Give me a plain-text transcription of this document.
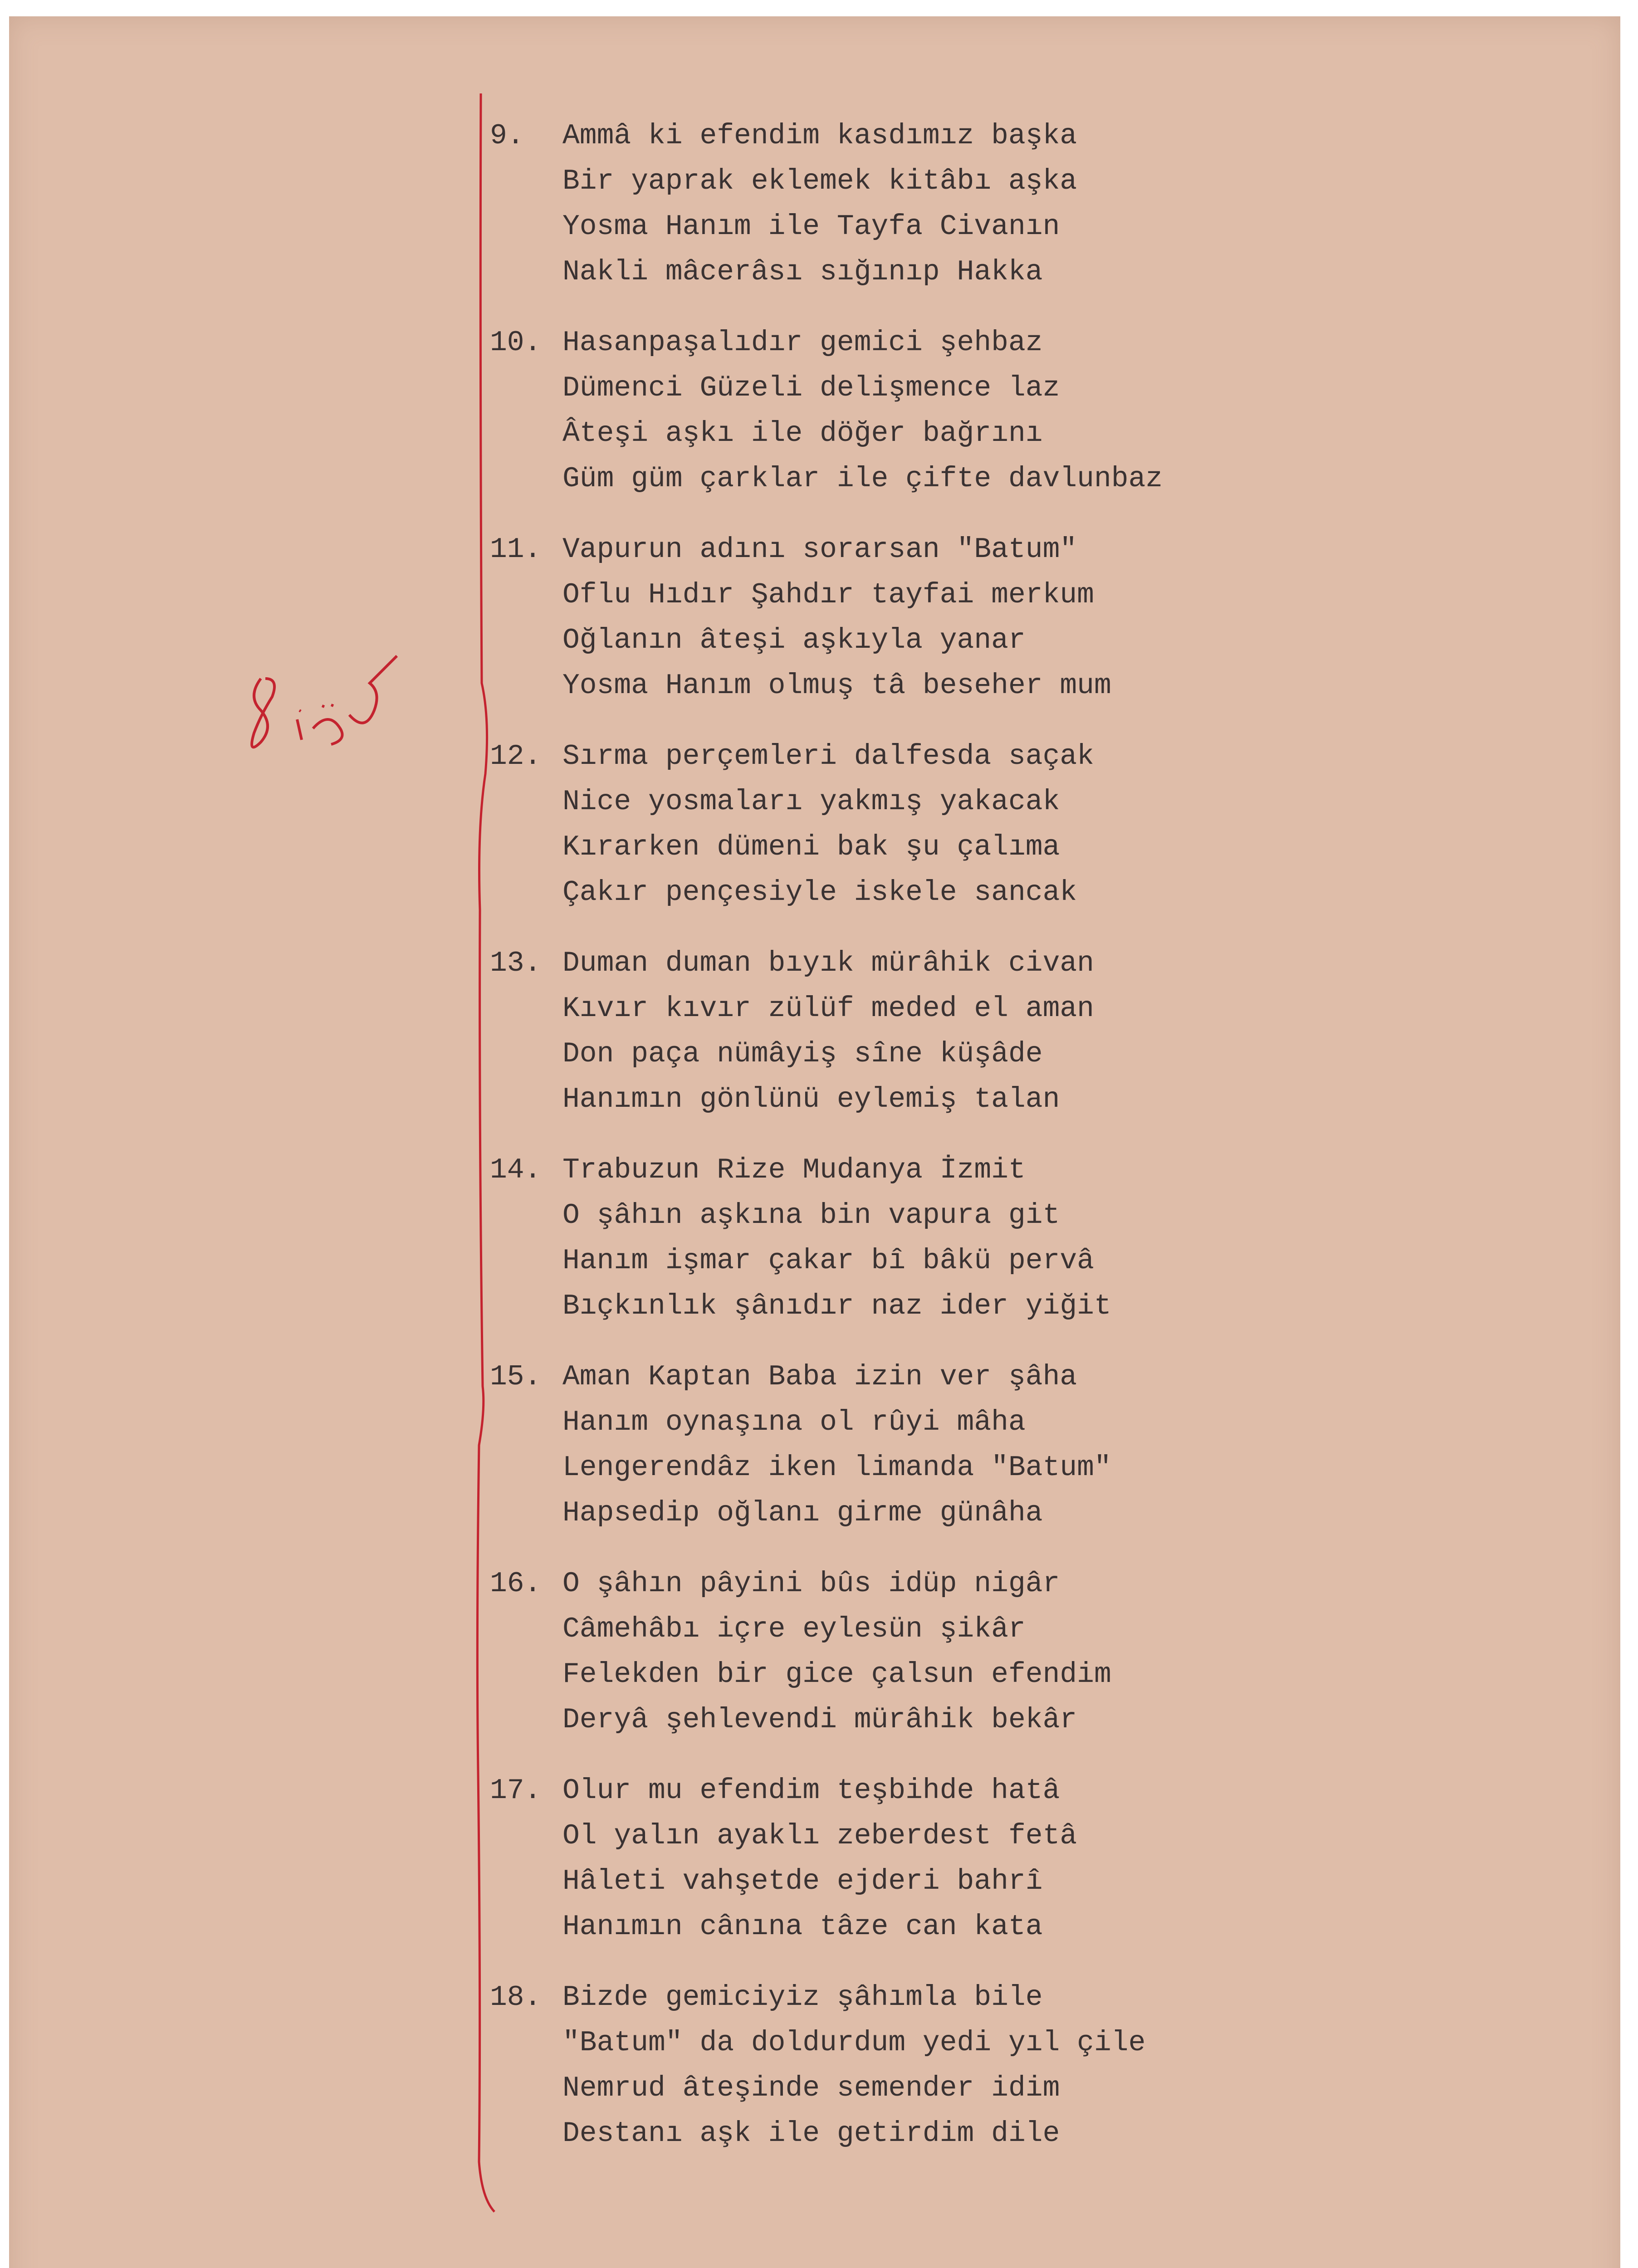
9. Ammâ ki efendim kasdımız başka
Bir yaprak eklemek kitâbı aşka
Yosma Hanım ile Tayfa Civanın
Nakli mâcerâsı sığınıp Hakka
10. Hasanpaşalıdır gemici şehbaz
Dümenci Güzeli delişmence laz
Âteşi aşkı ile döğer bağrını
Güm güm çarklar ile çifte davlunbaz
11. Vapurun adını sorarsan "Batum"
Oflu Hıdır Şahdır tayfai merkum
Oğlanın âteşi aşkıyla yanar
Yosma Hanım olmuş tâ beseher mum
12. Sırma perçemleri dalfesda saçak
Nice yosmaları yakmış yakacak
Kırarken dümeni bak şu çalıma
Çakır pençesiyle iskele sancak
13. Duman duman bıyık mürâhik civan
Kıvır kıvır zülüf meded el aman
Don paça nümâyiş sîne küşâde
Hanımın gönlünü eylemiş talan
14. Trabuzun Rize Mudanya İzmit
O şâhın aşkına bin vapura git
Hanım işmar çakar bî bâkü pervâ
Bıçkınlık şânıdır naz ider yiğit
15. Aman Kaptan Baba izin ver şâha
Hanım oynaşına ol rûyi mâha
Lengerendâz iken limanda "Batum"
Hapsedip oğlanı girme günâha
16. O şâhın pâyini bûs idüp nigâr
Câmehâbı içre eylesün şikâr
Felekden bir gice çalsun efendim
Deryâ şehlevendi mürâhik bekâr
17. Olur mu efendim teşbihde hatâ
Ol yalın ayaklı zeberdest fetâ
Hâleti vahşetde ejderi bahrî
Hanımın cânına tâze can kata
18. Bizde gemiciyiz şâhımla bile
"Batum" da doldurdum yedi yıl çile
Nemrud âteşinde semender idim
Destanı aşk ile getirdim dile
